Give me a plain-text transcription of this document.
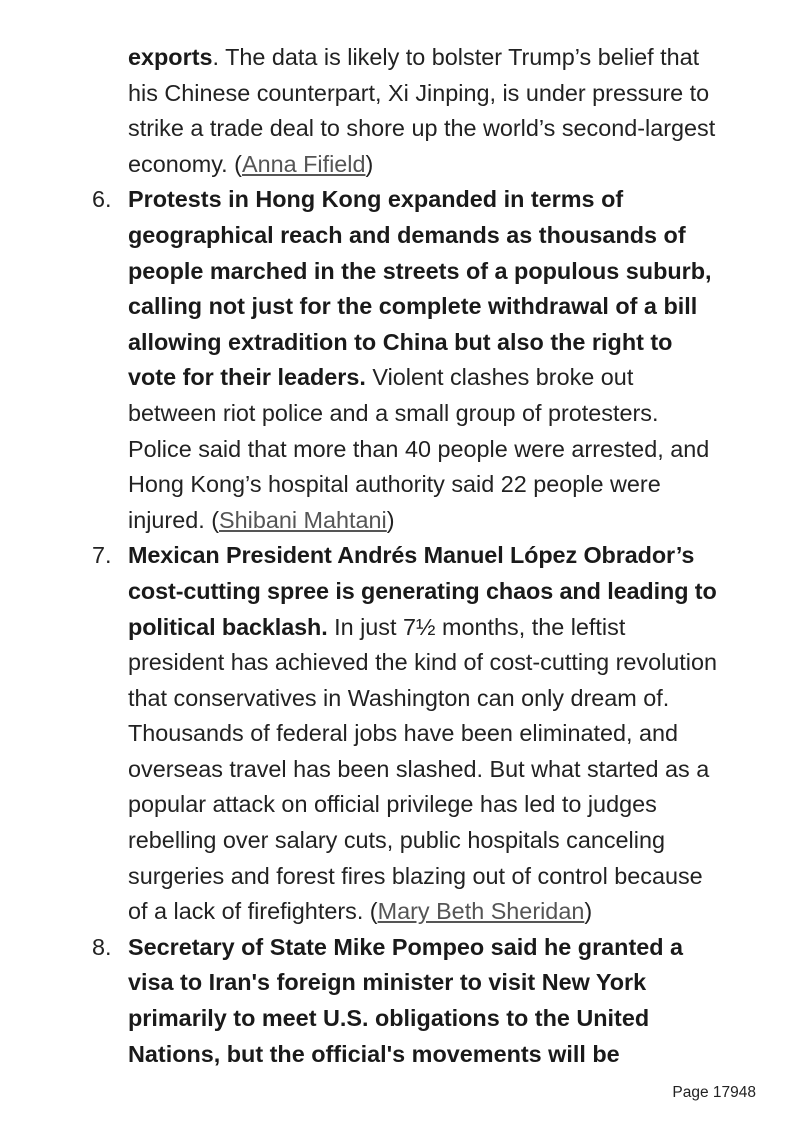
exports. The data is likely to bolster Trump’s belief that his Chinese counterpart, Xi Jinping, is under pressure to strike a trade deal to shore up the world’s second-largest economy. (Anna Fifield)
6. Protests in Hong Kong expanded in terms of geographical reach and demands as thousands of people marched in the streets of a populous suburb, calling not just for the complete withdrawal of a bill allowing extradition to China but also the right to vote for their leaders. Violent clashes broke out between riot police and a small group of protesters. Police said that more than 40 people were arrested, and Hong Kong’s hospital authority said 22 people were injured. (Shibani Mahtani)
7. Mexican President Andrés Manuel López Obrador’s cost-cutting spree is generating chaos and leading to political backlash. In just 7½ months, the leftist president has achieved the kind of cost-cutting revolution that conservatives in Washington can only dream of. Thousands of federal jobs have been eliminated, and overseas travel has been slashed. But what started as a popular attack on official privilege has led to judges rebelling over salary cuts, public hospitals canceling surgeries and forest fires blazing out of control because of a lack of firefighters. (Mary Beth Sheridan)
8. Secretary of State Mike Pompeo said he granted a visa to Iran's foreign minister to visit New York primarily to meet U.S. obligations to the United Nations, but the official's movements will be
Page 17948
